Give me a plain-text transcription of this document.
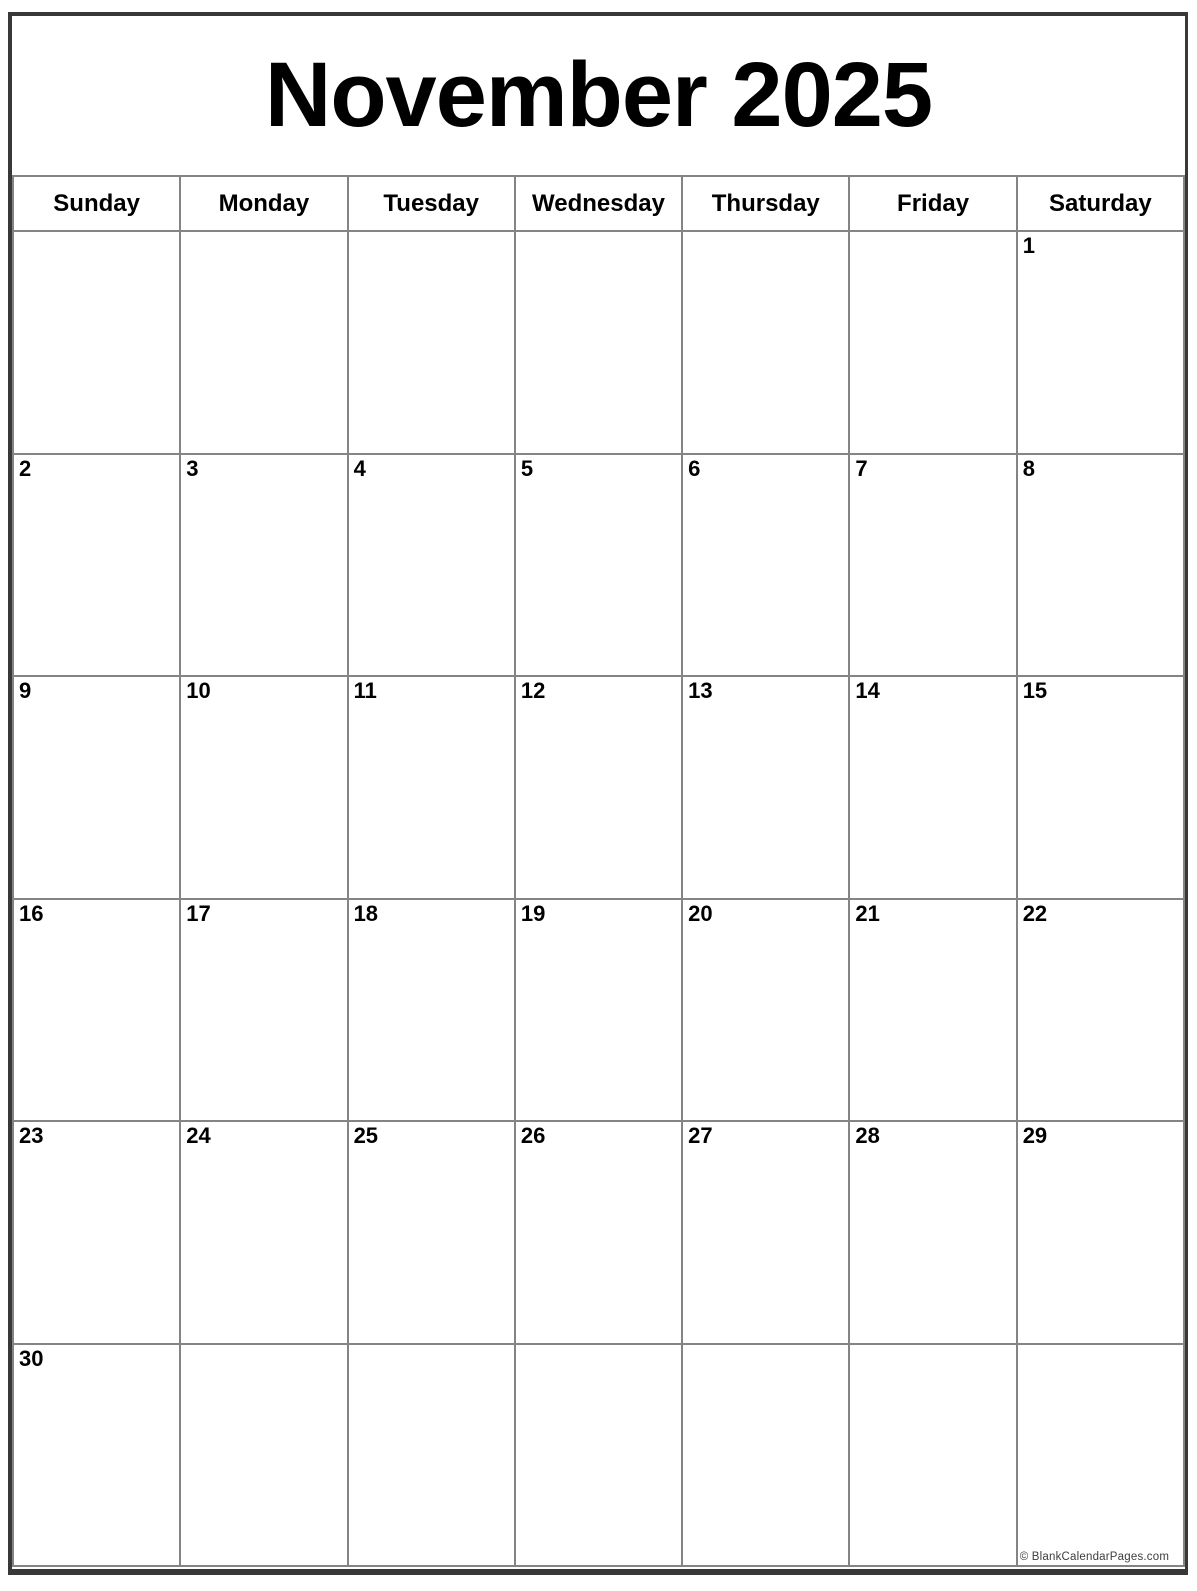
November 2025
Sunday	Monday	Tuesday	Wednesday	Thursday	Friday	Saturday
						1
2	3	4	5	6	7	8
9	10	11	12	13	14	15
16	17	18	19	20	21	22
23	24	25	26	27	28	29
30						© BlankCalendarPages.com
